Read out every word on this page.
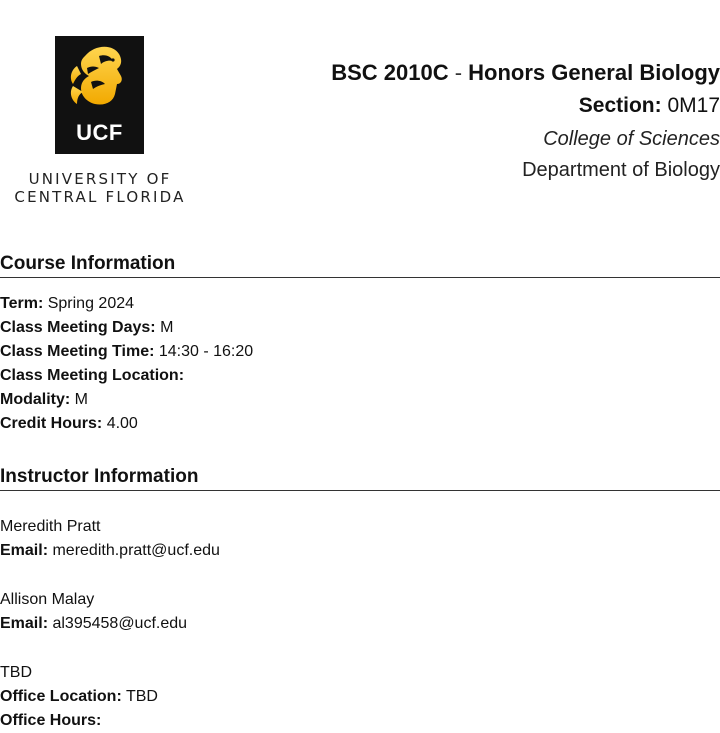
UCF
UNIVERSITY OF
CENTRAL FLORIDA
BSC 2010C - Honors General Biology
Section: 0M17
College of Sciences
Department of Biology
Course Information
Term: Spring 2024
Class Meeting Days: M
Class Meeting Time: 14:30 - 16:20
Class Meeting Location:
Modality: M
Credit Hours: 4.00
Instructor Information
Meredith Pratt
Email: meredith.pratt@ucf.edu
Allison Malay
Email: al395458@ucf.edu
TBD
Office Location: TBD
Office Hours:
